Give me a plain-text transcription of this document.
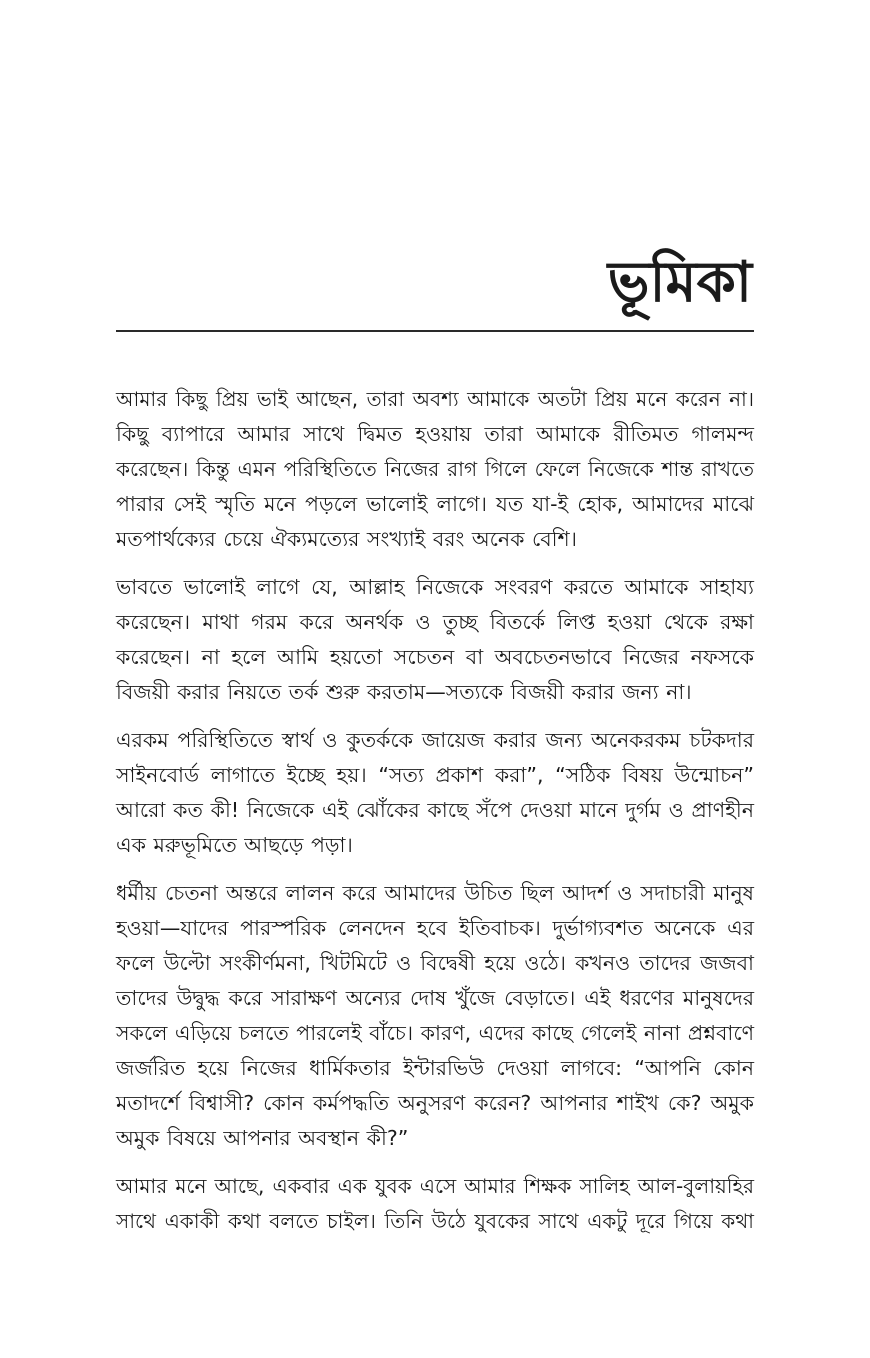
ভূমিকা

আমার কিছু প্রিয় ভাই আছেন, তারা অবশ্য আমাকে অতটা প্রিয় মনে করেন না।
কিছু ব্যাপারে আমার সাথে দ্বিমত হওয়ায় তারা আমাকে রীতিমত গালমন্দ
করেছেন। কিন্তু এমন পরিস্থিতিতে নিজের রাগ গিলে ফেলে নিজেকে শান্ত রাখতে
পারার সেই স্মৃতি মনে পড়লে ভালোই লাগে। যত যা-ই হোক, আমাদের মাঝে
মতপার্থক্যের চেয়ে ঐক্যমত্যের সংখ্যাই বরং অনেক বেশি।

ভাবতে ভালোই লাগে যে, আল্লাহ নিজেকে সংবরণ করতে আমাকে সাহায্য
করেছেন। মাথা গরম করে অনর্থক ও তুচ্ছ বিতর্কে লিপ্ত হওয়া থেকে রক্ষা
করেছেন। না হলে আমি হয়তো সচেতন বা অবচেতনভাবে নিজের নফসকে
বিজয়ী করার নিয়তে তর্ক শুরু করতাম—সত্যকে বিজয়ী করার জন্য না।

এরকম পরিস্থিতিতে স্বার্থ ও কুতর্ককে জায়েজ করার জন্য অনেকরকম চটকদার
সাইনবোর্ড লাগাতে ইচ্ছে হয়। “সত্য প্রকাশ করা”, “সঠিক বিষয় উন্মোচন”
আরো কত কী! নিজেকে এই ঝোঁকের কাছে সঁপে দেওয়া মানে দুর্গম ও প্রাণহীন
এক মরুভূমিতে আছড়ে পড়া।

ধর্মীয় চেতনা অন্তরে লালন করে আমাদের উচিত ছিল আদর্শ ও সদাচারী মানুষ
হওয়া—যাদের পারস্পরিক লেনদেন হবে ইতিবাচক। দুর্ভাগ্যবশত অনেকে এর
ফলে উল্টো সংকীর্ণমনা, খিটমিটে ও বিদ্বেষী হয়ে ওঠে। কখনও তাদের জজবা
তাদের উদ্বুদ্ধ করে সারাক্ষণ অন্যের দোষ খুঁজে বেড়াতে। এই ধরণের মানুষদের
সকলে এড়িয়ে চলতে পারলেই বাঁচে। কারণ, এদের কাছে গেলেই নানা প্রশ্নবাণে
জর্জরিত হয়ে নিজের ধার্মিকতার ইন্টারভিউ দেওয়া লাগবে: “আপনি কোন
মতাদর্শে বিশ্বাসী? কোন কর্মপদ্ধতি অনুসরণ করেন? আপনার শাইখ কে? অমুক
অমুক বিষয়ে আপনার অবস্থান কী?”

আমার মনে আছে, একবার এক যুবক এসে আমার শিক্ষক সালিহ আল-বুলায়হির
সাথে একাকী কথা বলতে চাইল। তিনি উঠে যুবকের সাথে একটু দূরে গিয়ে কথা
